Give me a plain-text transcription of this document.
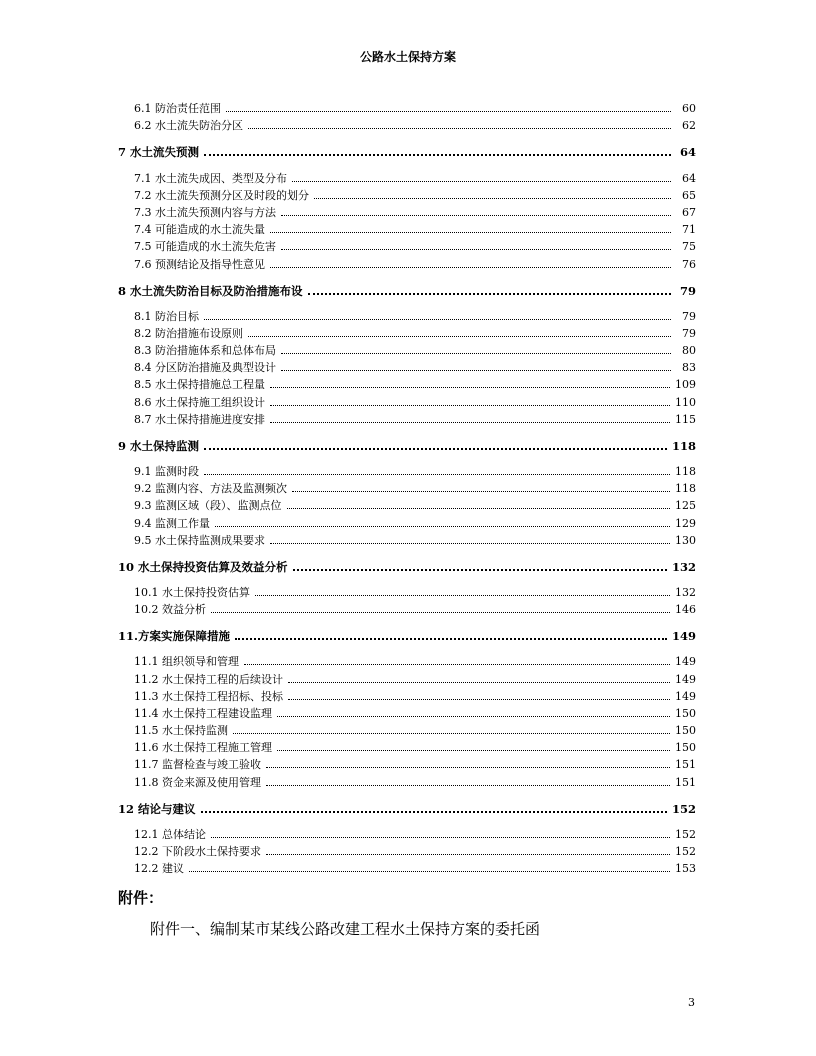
公路水土保持方案
6.1 防治责任范围	60
6.2 水土流失防治分区	62
7 水土流失预测	64
7.1 水土流失成因、类型及分布	64
7.2 水土流失预测分区及时段的划分	65
7.3 水土流失预测内容与方法	67
7.4 可能造成的水土流失量	71
7.5 可能造成的水土流失危害	75
7.6 预测结论及指导性意见	76
8 水土流失防治目标及防治措施布设	79
8.1 防治目标	79
8.2 防治措施布设原则	79
8.3 防治措施体系和总体布局	80
8.4 分区防治措施及典型设计	83
8.5 水土保持措施总工程量	109
8.6 水土保持施工组织设计	110
8.7 水土保持措施进度安排	115
9 水土保持监测	118
9.1 监测时段	118
9.2 监测内容、方法及监测频次	118
9.3 监测区域（段）、监测点位	125
9.4 监测工作量	129
9.5 水土保持监测成果要求	130
10 水土保持投资估算及效益分析	132
10.1 水土保持投资估算	132
10.2 效益分析	146
11.方案实施保障措施	149
11.1 组织领导和管理	149
11.2 水土保持工程的后续设计	149
11.3 水土保持工程招标、投标	149
11.4 水土保持工程建设监理	150
11.5 水土保持监测	150
11.6 水土保持工程施工管理	150
11.7 监督检查与竣工验收	151
11.8 资金来源及使用管理	151
12 结论与建议	152
12.1 总体结论	152
12.2 下阶段水土保持要求	152
12.2 建议	153
附件：
附件一、编制某市某线公路改建工程水土保持方案的委托函
3
